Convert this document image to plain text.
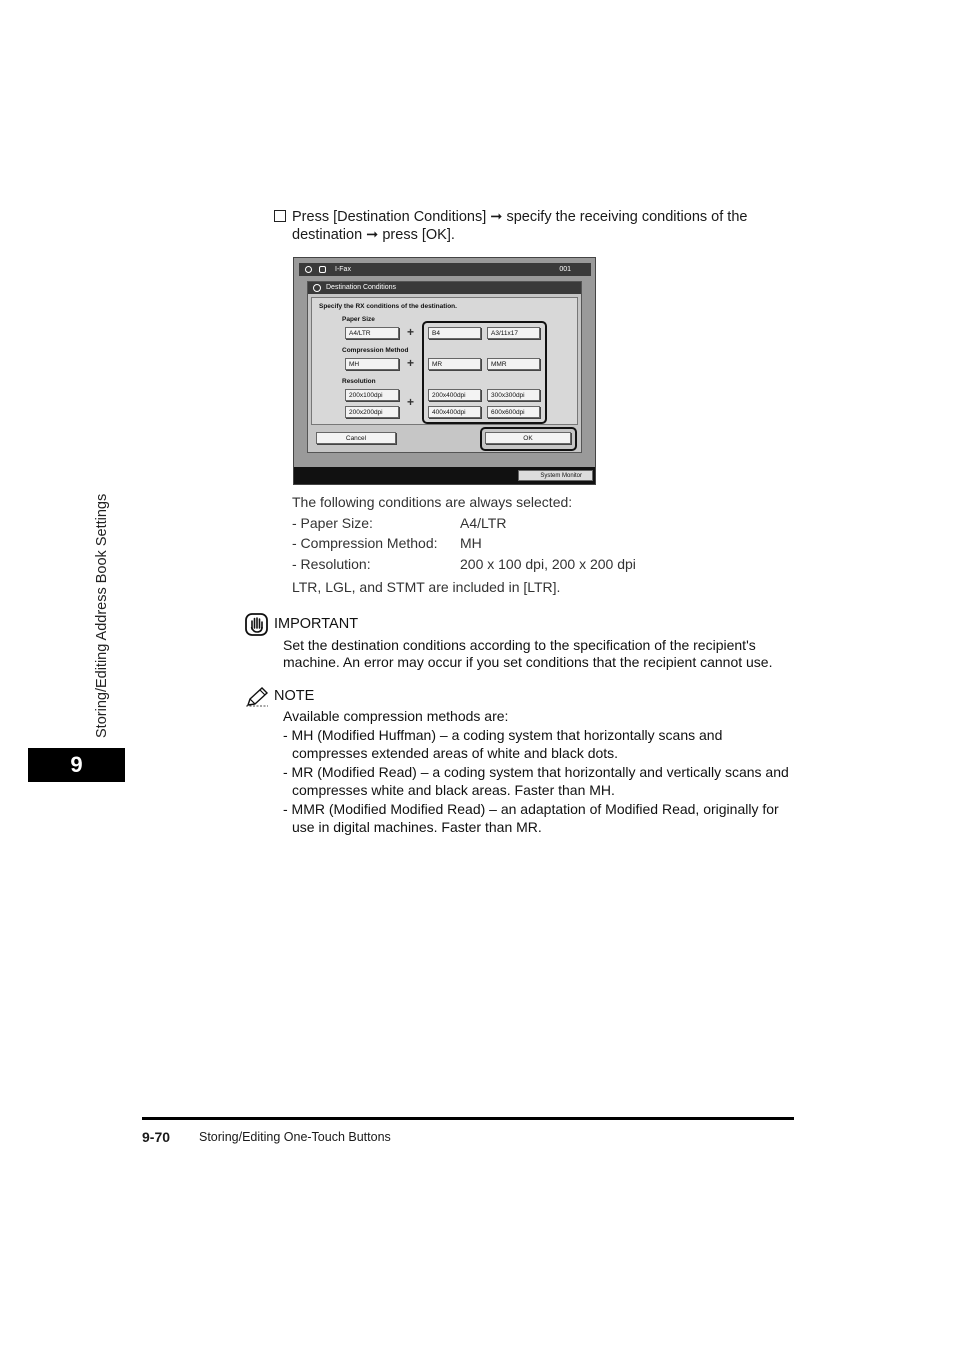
Storing/Editing Address Book Settings
9
Press [Destination Conditions] ➞ specify the receiving conditions of the
destination ➞ press [OK].
I-Fax	001
Destination Conditions
Specify the RX conditions of the destination.
Paper Size
A4/LTR	+	B4	A3/11x17
Compression Method
MH	+	MR	MMR
Resolution
200x100dpi
200x200dpi
+	200x400dpi	300x300dpi
400x400dpi	600x600dpi
Cancel	OK
System Monitor
The following conditions are always selected:
- Paper Size:	A4/LTR
- Compression Method: MH
- Resolution:	200 x 100 dpi, 200 x 200 dpi
LTR, LGL, and STMT are included in [LTR].
IMPORTANT
Set the destination conditions according to the specification of the recipient's
machine. An error may occur if you set conditions that the recipient cannot use.
NOTE
Available compression methods are:
- MH (Modified Huffman) – a coding system that horizontally scans and
compresses extended areas of white and black dots.
- MR (Modified Read) – a coding system that horizontally and vertically scans and
compresses white and black areas. Faster than MH.
- MMR (Modified Modified Read) – an adaptation of Modified Read, originally for
use in digital machines. Faster than MR.
9-70 Storing/Editing One-Touch Buttons
